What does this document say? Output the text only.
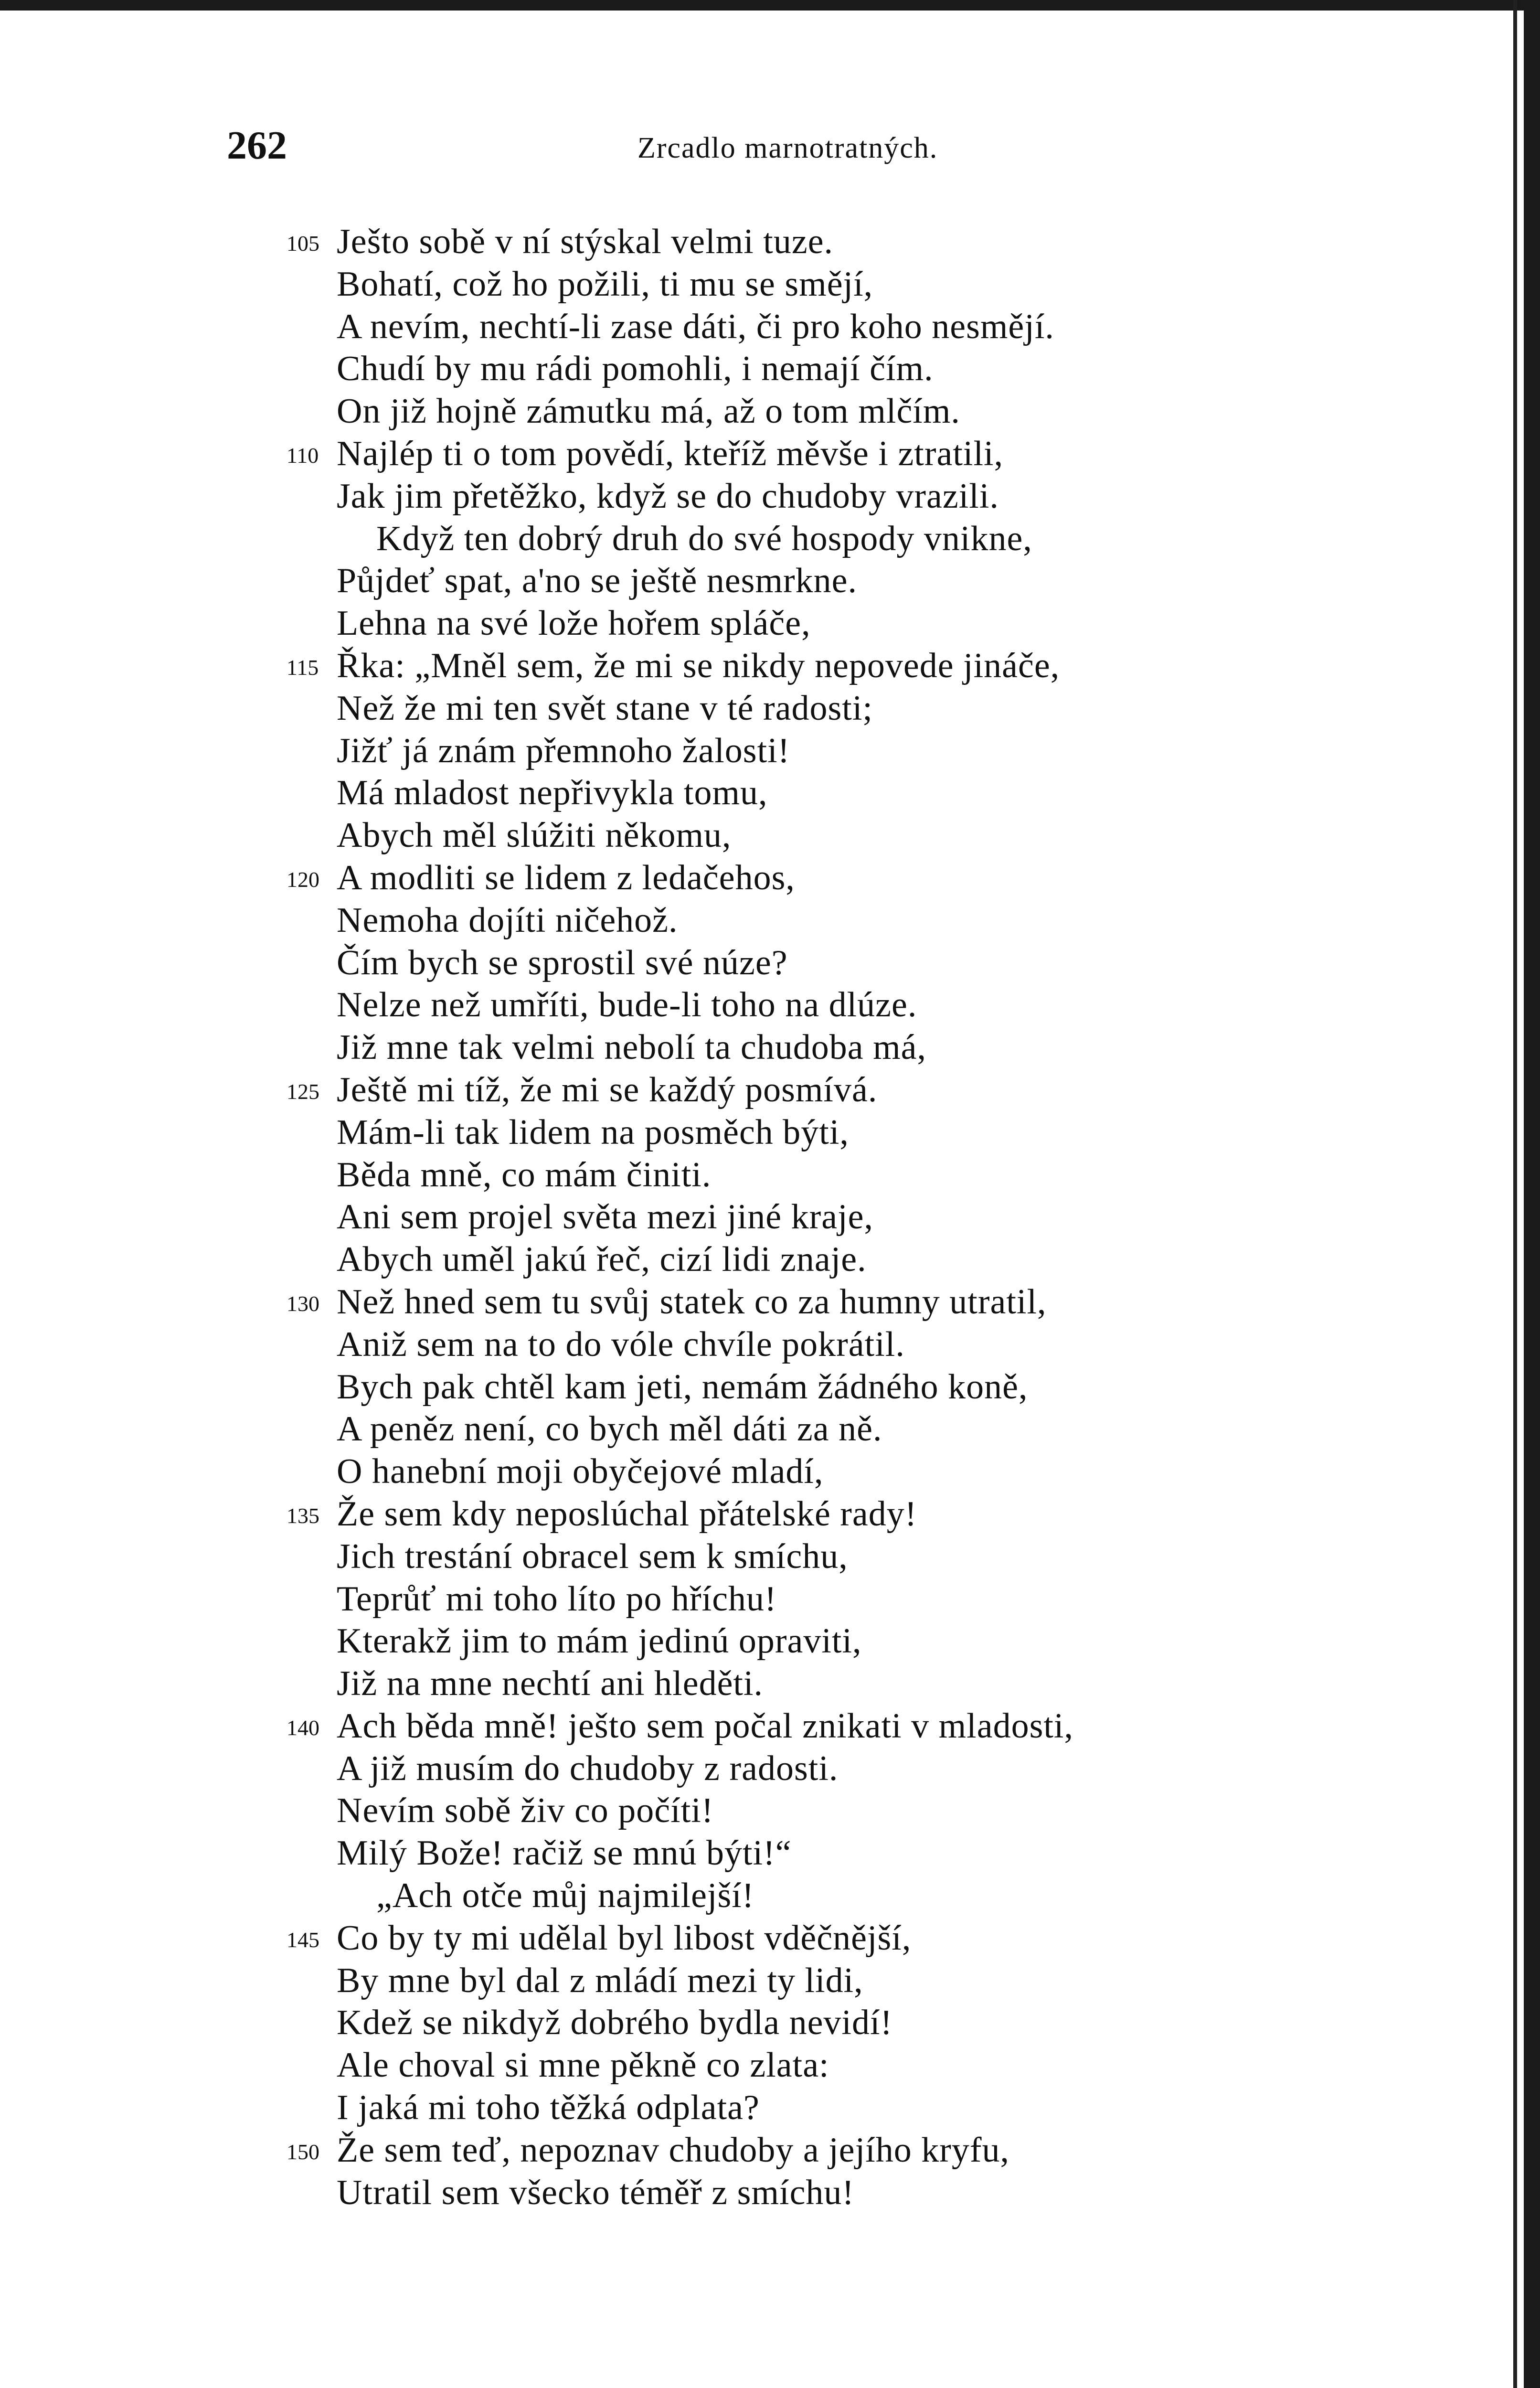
262	Zrcadlo marnotratných.
105 Ješto sobě v ní stýskal velmi tuze.
Bohatí, což ho požili, ti mu se smějí,
A nevím, nechtí-li zase dáti, či pro koho nesmějí.
Chudí by mu rádi pomohli, i nemají čím.
On již hojně zámutku má, až o tom mlčím.
110 Najlép ti o tom povědí, kteříž měvše i ztratili,
Jak jim přetěžko, když se do chudoby vrazili.
Když ten dobrý druh do své hospody vnikne,
Půjdeť spat, a'no se ještě nesmrkne.
Lehna na své lože hořem spláče,
115 Řka: „Mněl sem, že mi se nikdy nepovede jináče,
Než že mi ten svět stane v té radosti;
Jižť já znám přemnoho žalosti!
Má mladost nepřivykla tomu,
Abych měl slúžiti někomu,
120 A modliti se lidem z ledačehos,
Nemoha dojíti ničehož.
Čím bych se sprostil své núze?
Nelze než umříti, bude-li toho na dlúze.
Již mne tak velmi nebolí ta chudoba má,
125 Ještě mi tíž, že mi se každý posmívá.
Mám-li tak lidem na posměch býti,
Běda mně, co mám činiti.
Ani sem projel světa mezi jiné kraje,
Abych uměl jakú řeč, cizí lidi znaje.
130 Než hned sem tu svůj statek co za humny utratil,
Aniž sem na to do vóle chvíle pokrátil.
Bych pak chtěl kam jeti, nemám žádného koně,
A peněz není, co bych měl dáti za ně.
O hanební moji obyčejové mladí,
135 Že sem kdy neposlúchal přátelské rady!
Jich trestání obracel sem k smíchu,
Teprůť mi toho líto po hříchu!
Kterakž jim to mám jedinú opraviti,
Již na mne nechtí ani hleděti.
140 Ach běda mně! ješto sem počal znikati v mladosti,
A již musím do chudoby z radosti.
Nevím sobě živ co počíti!
Milý Bože! račiž se mnú býti!“
„Ach otče můj najmilejší!
145 Co by ty mi udělal byl libost vděčnější,
By mne byl dal z mládí mezi ty lidi,
Kdež se nikdyž dobrého bydla nevidí!
Ale choval si mne pěkně co zlata:
I jaká mi toho těžká odplata?
150 Že sem teď, nepoznav chudoby a jejího kryfu,
Utratil sem všecko téměř z smíchu!
